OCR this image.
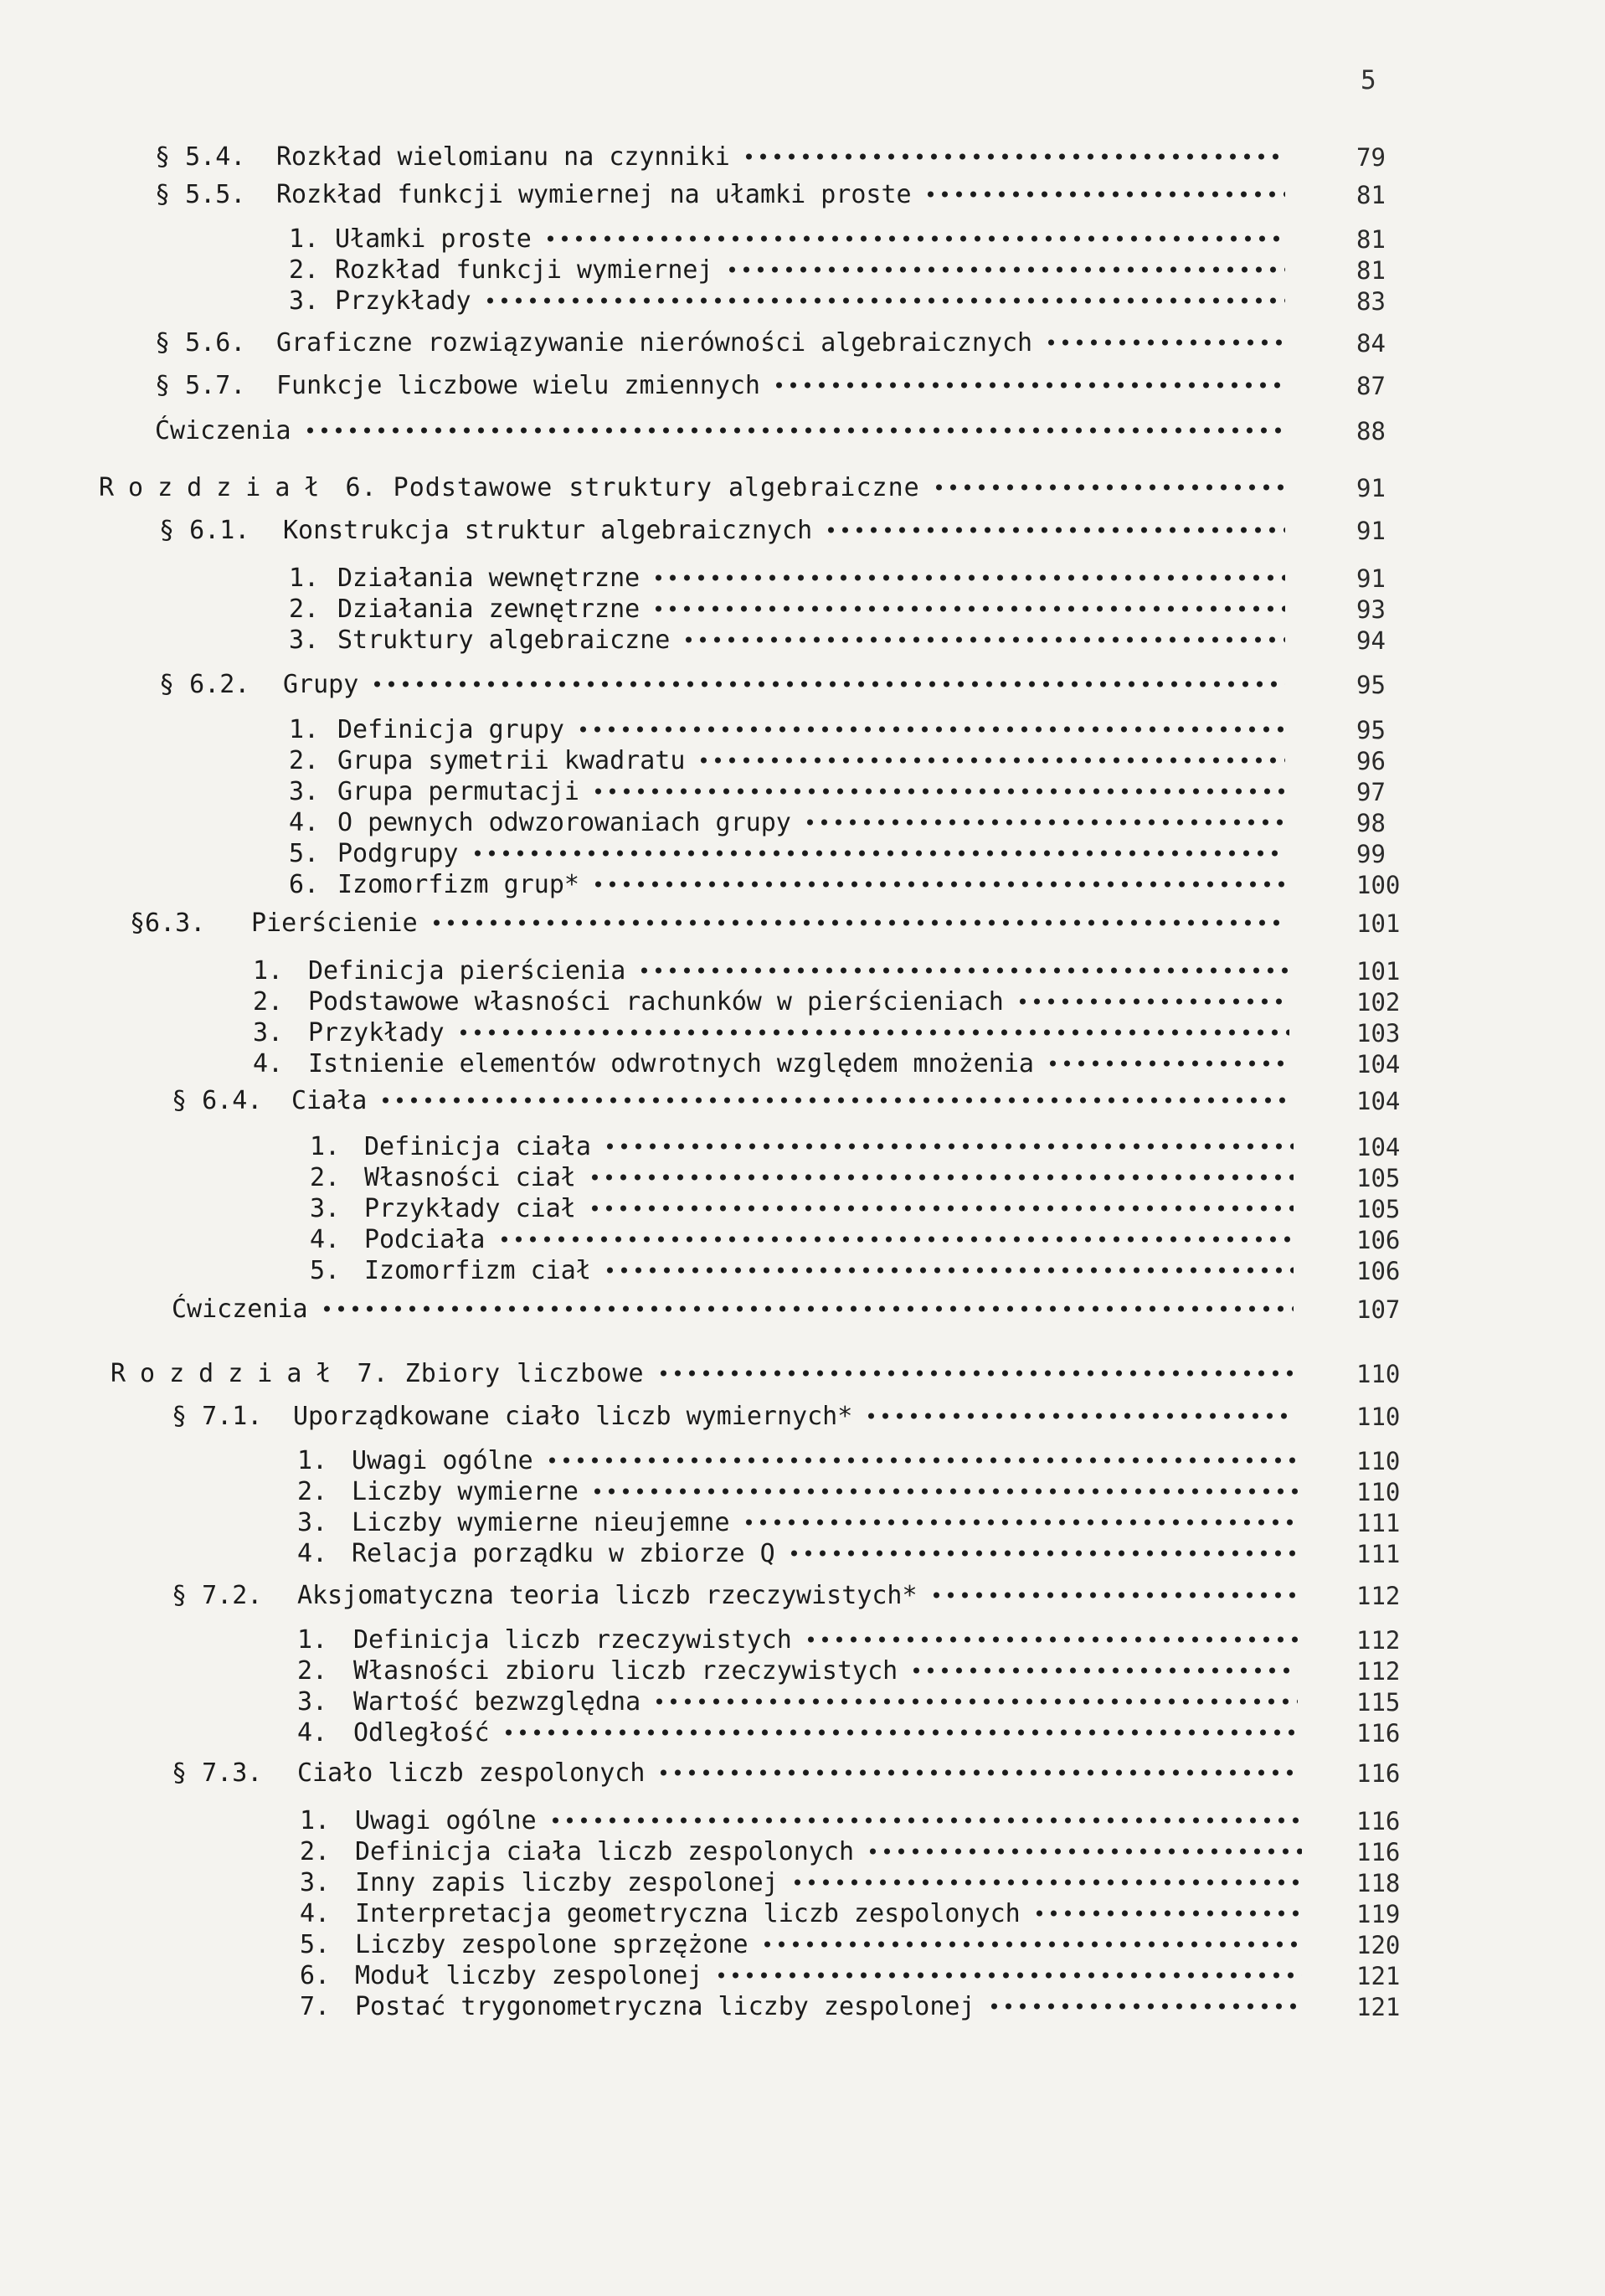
5
§ 5.4. Rozkład wielomianu na czynniki	79
§ 5.5. Rozkład funkcji wymiernej na ułamki proste	81
1. Ułamki proste	81
2. Rozkład funkcji wymiernej	81
3. Przykłady	83
§ 5.6. Graficzne rozwiązywanie nierówności algebraicznych	84
§ 5.7. Funkcje liczbowe wielu zmiennych	87
Ćwiczenia	88
Rozdział 6. Podstawowe struktury algebraiczne	91
§ 6.1. Konstrukcja struktur algebraicznych	91
1. Działania wewnętrzne	91
2. Działania zewnętrzne	93
3. Struktury algebraiczne	94
§ 6.2. Grupy	95
1. Definicja grupy	95
2. Grupa symetrii kwadratu	96
3. Grupa permutacji	97
4. O pewnych odwzorowaniach grupy	98
5. Podgrupy	99
6. Izomorfizm grup*	100
§6.3. Pierścienie	101
1. Definicja pierścienia	101
2. Podstawowe własności rachunków w pierścieniach	102
3. Przykłady	103
4. Istnienie elementów odwrotnych względem mnożenia	104
§ 6.4. Ciała	104
1. Definicja ciała	104
2. Własności ciał	105
3. Przykłady ciał	105
4. Podciała	106
5. Izomorfizm ciał	106
Ćwiczenia	107
Rozdział 7. Zbiory liczbowe	110
§ 7.1. Uporządkowane ciało liczb wymiernych*	110
1. Uwagi ogólne	110
2. Liczby wymierne	110
3. Liczby wymierne nieujemne	111
4. Relacja porządku w zbiorze Q	111
§ 7.2. Aksjomatyczna teoria liczb rzeczywistych*	112
1. Definicja liczb rzeczywistych	112
2. Własności zbioru liczb rzeczywistych	112
3. Wartość bezwzględna	115
4. Odległość	116
§ 7.3. Ciało liczb zespolonych	116
1. Uwagi ogólne	116
2. Definicja ciała liczb zespolonych	116
3. Inny zapis liczby zespolonej	118
4. Interpretacja geometryczna liczb zespolonych	119
5. Liczby zespolone sprzężone	120
6. Moduł liczby zespolonej	121
7. Postać trygonometryczna liczby zespolonej	121
